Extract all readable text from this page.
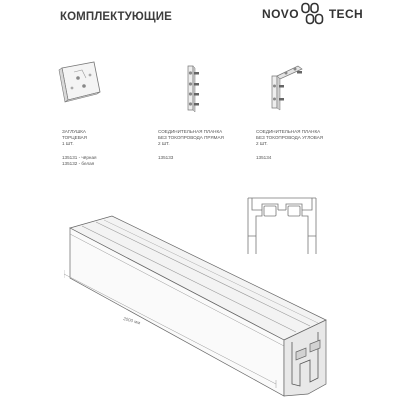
КОМПЛЕКТУЮЩИЕ	NOVO TECH
ЗАГЛУШКА
ТОРЦЕВАЯ
1 ШТ.
135131 - чёрная
135132 - белая
СОЕДИНИТЕЛЬНАЯ ПЛАНКА
БЕЗ ТОКОПРОВОДА ПРЯМАЯ
2 ШТ.
135133
СОЕДИНИТЕЛЬНАЯ ПЛАНКА
БЕЗ ТОКОПРОВОДА УГЛОВАЯ
2 ШТ.
135134
2000 мм
